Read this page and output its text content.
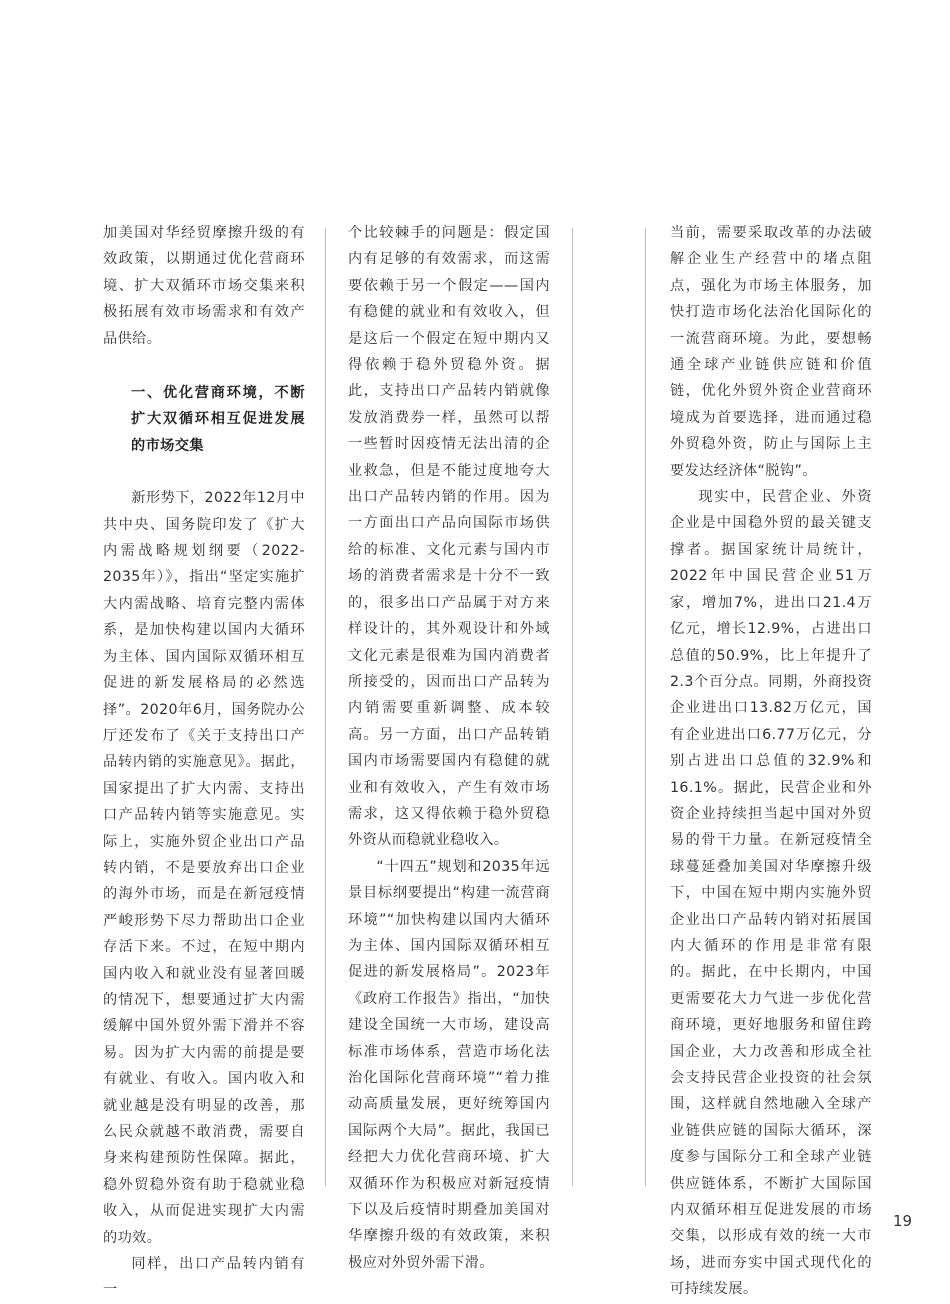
加美国对华经贸摩擦升级的有效政策，以期通过优化营商环境、扩大双循环市场交集来积极拓展有效市场需求和有效产品供给。

一、优化营商环境，不断扩大双循环相互促进发展的市场交集

新形势下，2022年12月中共中央、国务院印发了《扩大内需战略规划纲要（2022-2035年）》，指出“坚定实施扩大内需战略、培育完整内需体系，是加快构建以国内大循环为主体、国内国际双循环相互促进的新发展格局的必然选择”。2020年6月，国务院办公厅还发布了《关于支持出口产品转内销的实施意见》。据此，国家提出了扩大内需、支持出口产品转内销等实施意见。实际上，实施外贸企业出口产品转内销，不是要放弃出口企业的海外市场，而是在新冠疫情严峻形势下尽力帮助出口企业存活下来。不过，在短中期内国内收入和就业没有显著回暖的情况下，想要通过扩大内需缓解中国外贸外需下滑并不容易。因为扩大内需的前提是要有就业、有收入。国内收入和就业越是没有明显的改善，那么民众就越不敢消费，需要自身来构建预防性保障。据此，稳外贸稳外资有助于稳就业稳收入，从而促进实现扩大内需的功效。

同样，出口产品转内销有一

个比较棘手的问题是：假定国内有足够的有效需求，而这需要依赖于另一个假定——国内有稳健的就业和有效收入，但是这后一个假定在短中期内又得依赖于稳外贸稳外资。据此，支持出口产品转内销就像发放消费券一样，虽然可以帮一些暂时因疫情无法出清的企业救急，但是不能过度地夸大出口产品转内销的作用。因为一方面出口产品向国际市场供给的标准、文化元素与国内市场的消费者需求是十分不一致的，很多出口产品属于对方来样设计的，其外观设计和外域文化元素是很难为国内消费者所接受的，因而出口产品转为内销需要重新调整、成本较高。另一方面，出口产品转销国内市场需要国内有稳健的就业和有效收入，产生有效市场需求，这又得依赖于稳外贸稳外资从而稳就业稳收入。

“十四五”规划和2035年远景目标纲要提出“构建一流营商环境”“加快构建以国内大循环为主体、国内国际双循环相互促进的新发展格局”。2023年《政府工作报告》指出，“加快建设全国统一大市场，建设高标准市场体系，营造市场化法治化国际化营商环境”“着力推动高质量发展，更好统筹国内国际两个大局”。据此，我国已经把大力优化营商环境、扩大双循环作为积极应对新冠疫情下以及后疫情时期叠加美国对华摩擦升级的有效政策，来积极应对外贸外需下滑。

当前，需要采取改革的办法破解企业生产经营中的堵点阻点，强化为市场主体服务，加快打造市场化法治化国际化的一流营商环境。为此，要想畅通全球产业链供应链和价值链，优化外贸外资企业营商环境成为首要选择，进而通过稳外贸稳外资，防止与国际上主要发达经济体“脱钩”。

现实中，民营企业、外资企业是中国稳外贸的最关键支撑者。据国家统计局统计，2022年中国民营企业51万家，增加7%，进出口21.4万亿元，增长12.9%，占进出口总值的50.9%，比上年提升了2.3个百分点。同期，外商投资企业进出口13.82万亿元，国有企业进出口6.77万亿元，分别占进出口总值的32.9%和16.1%。据此，民营企业和外资企业持续担当起中国对外贸易的骨干力量。在新冠疫情全球蔓延叠加美国对华摩擦升级下，中国在短中期内实施外贸企业出口产品转内销对拓展国内大循环的作用是非常有限的。据此，在中长期内，中国更需要花大力气进一步优化营商环境，更好地服务和留住跨国企业，大力改善和形成全社会支持民营企业投资的社会氛围，这样就自然地融入全球产业链供应链的国际大循环，深度参与国际分工和全球产业链供应链体系，不断扩大国际国内双循环相互促进发展的市场交集，以形成有效的统一大市场，进而夯实中国式现代化的可持续发展。

19
